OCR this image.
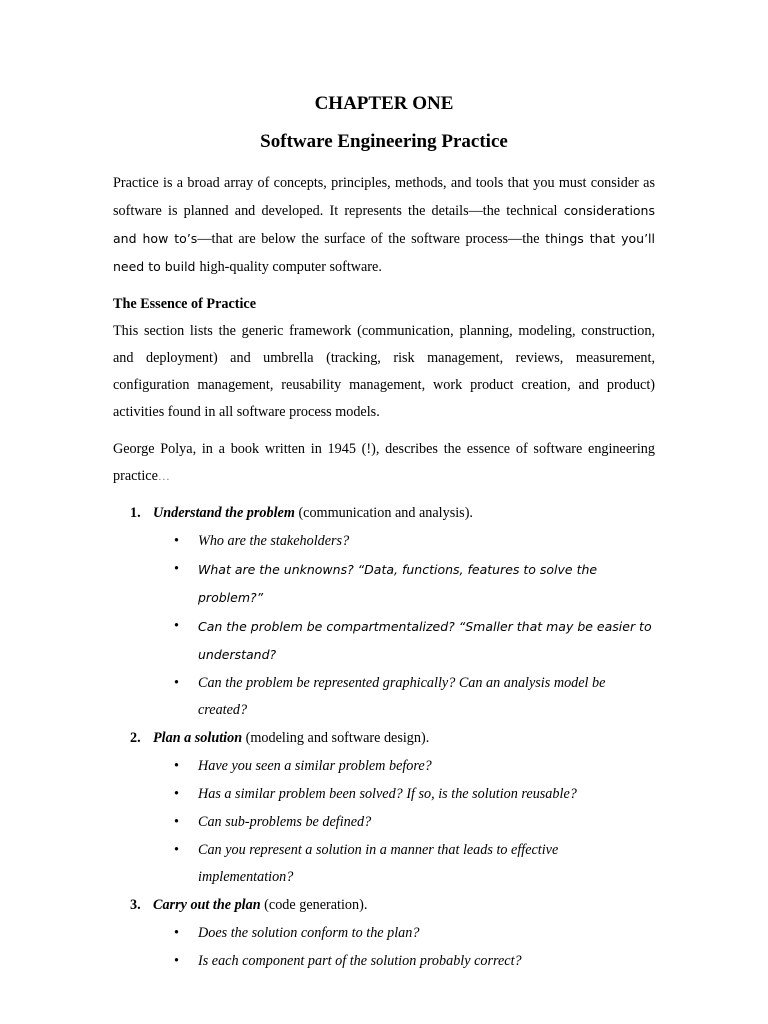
CHAPTER ONE
Software Engineering Practice

Practice is a broad array of concepts, principles, methods, and tools that you must consider as software is planned and developed. It represents the details—the technical considerations and how to’s—that are below the surface of the software process—the things that you’ll need to build high-quality computer software.

The Essence of Practice

This section lists the generic framework (communication, planning, modeling, construction, and deployment) and umbrella (tracking, risk management, reviews, measurement, configuration management, reusability management, work product creation, and product) activities found in all software process models.

George Polya, in a book written in 1945 (!), describes the essence of software engineering practice…

1. Understand the problem (communication and analysis).
• Who are the stakeholders?
• What are the unknowns? “Data, functions, features to solve the problem?”
• Can the problem be compartmentalized? “Smaller that may be easier to understand?
• Can the problem be represented graphically? Can an analysis model be created?
2. Plan a solution (modeling and software design).
• Have you seen a similar problem before?
• Has a similar problem been solved? If so, is the solution reusable?
• Can sub-problems be defined?
• Can you represent a solution in a manner that leads to effective implementation?
3. Carry out the plan (code generation).
• Does the solution conform to the plan?
• Is each component part of the solution probably correct?
